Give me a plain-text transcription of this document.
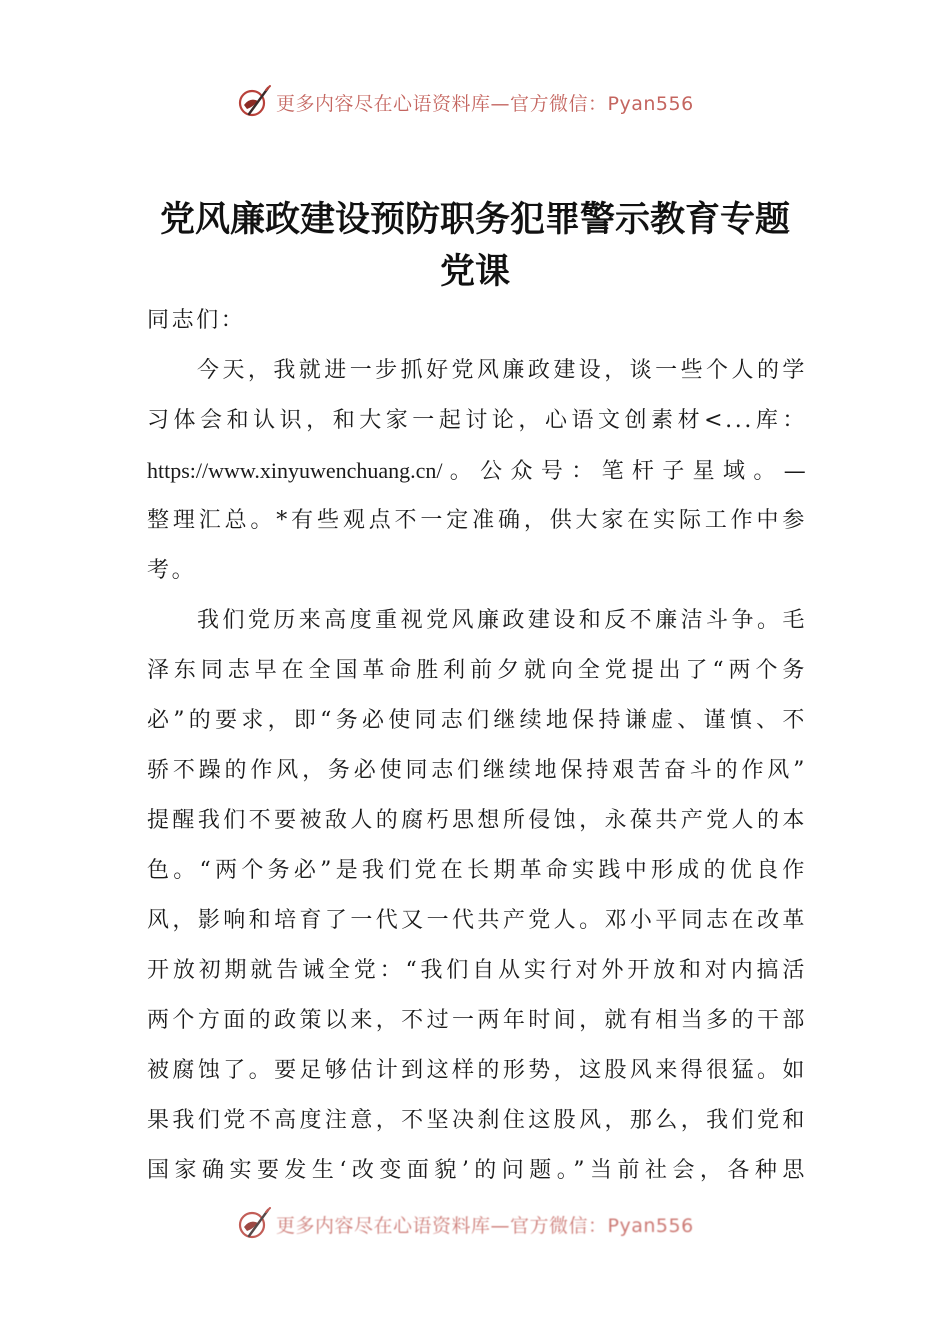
更多内容尽在心语资料库—官方微信：Pyan556
党风廉政建设预防职务犯罪警示教育专题
党课
同志们：
今天，我就进一步抓好党风廉政建设，谈一些个人的学
习体会和认识，和大家一起讨论，心语文创素材<...库：
https://www.xinyuwenchuang.cn/。公众号：笔杆子星域。—
整理汇总。*有些观点不一定准确，供大家在实际工作中参
考。
我们党历来高度重视党风廉政建设和反不廉洁斗争。毛
泽东同志早在全国革命胜利前夕就向全党提出了“两个务
必”的要求，即“务必使同志们继续地保持谦虚、谨慎、不
骄不躁的作风，务必使同志们继续地保持艰苦奋斗的作风”
提醒我们不要被敌人的腐朽思想所侵蚀，永葆共产党人的本
色。“两个务必”是我们党在长期革命实践中形成的优良作
风，影响和培育了一代又一代共产党人。邓小平同志在改革
开放初期就告诫全党：“我们自从实行对外开放和对内搞活
两个方面的政策以来，不过一两年时间，就有相当多的干部
被腐蚀了。要足够估计到这样的形势，这股风来得很猛。如
果我们党不高度注意，不坚决刹住这股风，那么，我们党和
国家确实要发生‘改变面貌’的问题。”当前社会，各种思
更多内容尽在心语资料库—官方微信：Pyan556
